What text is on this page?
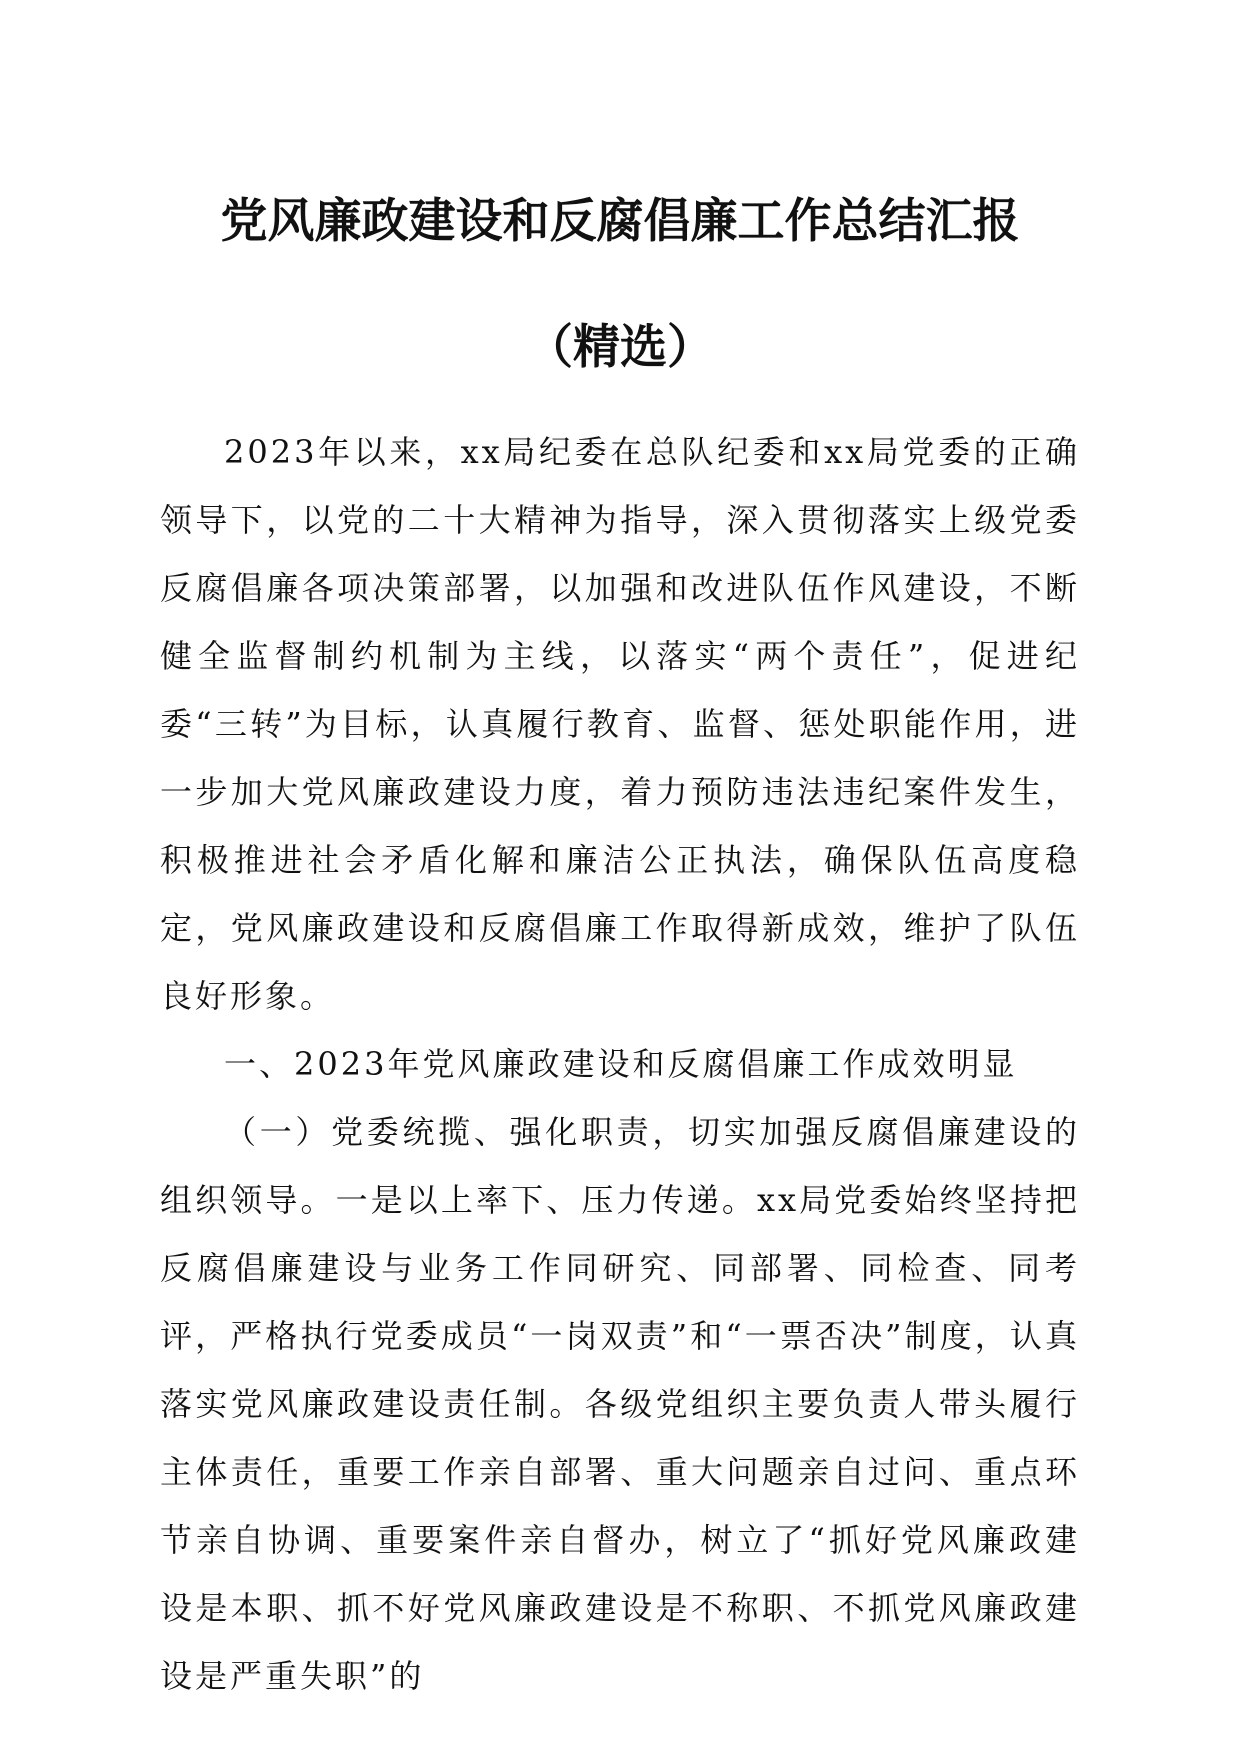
党风廉政建设和反腐倡廉工作总结汇报
（精选）

2023年以来，xx局纪委在总队纪委和xx局党委的正确领导下，以党的二十大精神为指导，深入贯彻落实上级党委反腐倡廉各项决策部署，以加强和改进队伍作风建设，不断健全监督制约机制为主线，以落实“两个责任”，促进纪委“三转”为目标，认真履行教育、监督、惩处职能作用，进一步加大党风廉政建设力度，着力预防违法违纪案件发生，积极推进社会矛盾化解和廉洁公正执法，确保队伍高度稳定，党风廉政建设和反腐倡廉工作取得新成效，维护了队伍良好形象。

一、2023年党风廉政建设和反腐倡廉工作成效明显

（一）党委统揽、强化职责，切实加强反腐倡廉建设的组织领导。一是以上率下、压力传递。xx局党委始终坚持把反腐倡廉建设与业务工作同研究、同部署、同检查、同考评，严格执行党委成员“一岗双责”和“一票否决”制度，认真落实党风廉政建设责任制。各级党组织主要负责人带头履行主体责任，重要工作亲自部署、重大问题亲自过问、重点环节亲自协调、重要案件亲自督办，树立了“抓好党风廉政建设是本职、抓不好党风廉政建设是不称职、不抓党风廉政建设是严重失职”的
